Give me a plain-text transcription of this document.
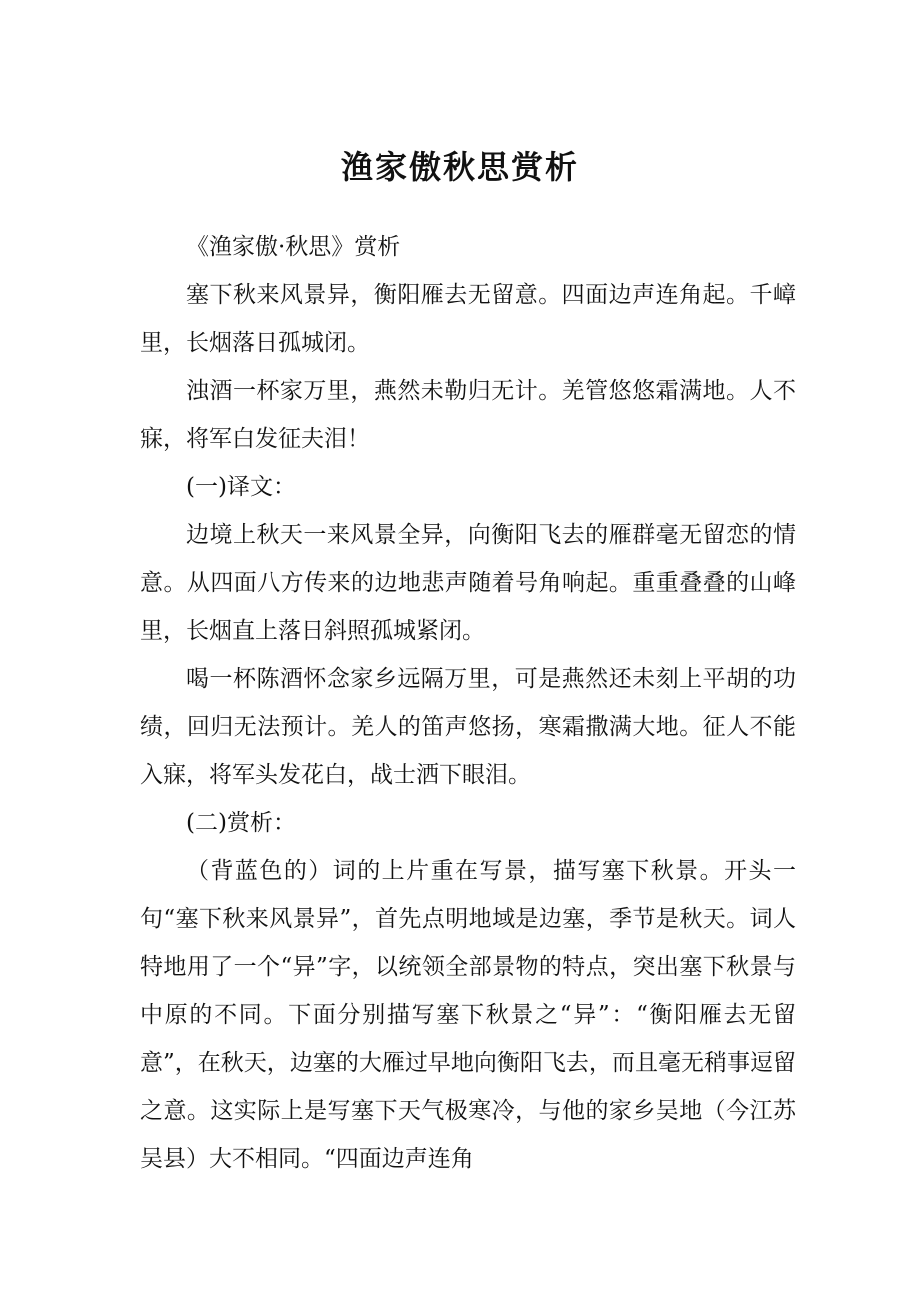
渔家傲秋思赏析

《渔家傲·秋思》赏析

塞下秋来风景异，衡阳雁去无留意。四面边声连角起。千嶂里，长烟落日孤城闭。

浊酒一杯家万里，燕然未勒归无计。羌管悠悠霜满地。人不寐，将军白发征夫泪！

(一)译文：

边境上秋天一来风景全异，向衡阳飞去的雁群毫无留恋的情意。从四面八方传来的边地悲声随着号角响起。重重叠叠的山峰里，长烟直上落日斜照孤城紧闭。

喝一杯陈酒怀念家乡远隔万里，可是燕然还未刻上平胡的功绩，回归无法预计。羌人的笛声悠扬，寒霜撒满大地。征人不能入寐，将军头发花白，战士洒下眼泪。

(二)赏析：

（背蓝色的）词的上片重在写景，描写塞下秋景。开头一句“塞下秋来风景异”，首先点明地域是边塞，季节是秋天。词人特地用了一个“异”字，以统领全部景物的特点，突出塞下秋景与中原的不同。下面分别描写塞下秋景之“异”：“衡阳雁去无留意”，在秋天，边塞的大雁过早地向衡阳飞去，而且毫无稍事逗留之意。这实际上是写塞下天气极寒冷，与他的家乡吴地（今江苏吴县）大不相同。“四面边声连角
